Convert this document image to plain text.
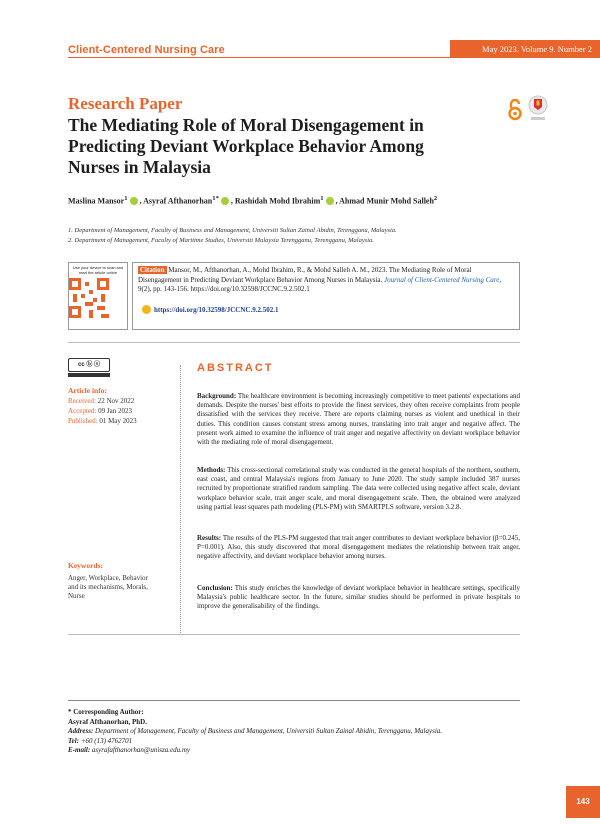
Client-Centered Nursing Care	May 2023. Volume 9. Number 2
Research Paper
The Mediating Role of Moral Disengagement in Predicting Deviant Workplace Behavior Among Nurses in Malaysia
Maslina Mansor$^1$ , Asyraf Afthanorhan$^{1*}$ , Rashidah Mohd Ibrahim$^1$ , Ahmad Munir Mohd Salleh$^2$
1. Department of Management, Faculty of Business and Management, Universiti Sultan Zainal Abidin, Terengganu, Malaysia.
2. Department of Management, Faculty of Maritime Studies, Universiti Malaysia Terengganu, Terengganu, Malaysia.
Use your device to scan and read the article online	Citation Mansor, M., Afthanorhan, A., Mohd Ibrahim, R., & Mohd Salleh A. M., 2023. The Mediating Role of Moral Disengagement in Predicting Deviant Workplace Behavior Among Nurses in Malaysia. Journal of Client-Centered Nursing Care, 9(2), pp. 143-156. https://doi.org/10.32598/JCCNC.9.2.502.1
https://doi.org/10.32598/JCCNC.9.2.502.1
cc ⓑ ⓢ
Article info:
Received: 22 Nov 2022
Accepted: 09 Jan 2023
Published: 01 May 2023
Keywords:
Anger, Workplace, Behavior and its mechanisms, Morals, Nurse
ABSTRACT
Background: The healthcare environment is becoming increasingly competitive to meet patients' expectations and demands. Despite the nurses' best efforts to provide the finest services, they often receive complaints from people dissatisfied with the services they receive. There are reports claiming nurses as violent and unethical in their duties. This condition causes constant stress among nurses, translating into trait anger and negative affect. The present work aimed to examine the influence of trait anger and negative affectivity on deviant workplace behavior with the mediating role of moral disengagement.
Methods: This cross-sectional correlational study was conducted in the general hospitals of the northern, southern, east coast, and central Malaysia's regions from January to June 2020. The study sample included 387 nurses recruited by proportionate stratified random sampling. The data were collected using negative affect scale, deviant workplace behavior scale, trait anger scale, and moral disengagement scale. Then, the obtained were analyzed using partial least squares path modeling (PLS-PM) with SMARTPLS software, version 3.2.8.
Results: The results of the PLS-PM suggested that trait anger contributes to deviant workplace behavior (β=0.245, P=0.001). Also, this study discovered that moral disengagement mediates the relationship between trait anger, negative affectivity, and deviant workplace behavior among nurses.
Conclusion: This study enriches the knowledge of deviant workplace behavior in healthcare settings, specifically Malaysia's public healthcare sector. In the future, similar studies should be performed in private hospitals to improve the generalisability of the findings.
* Corresponding Author:
Asyraf Afthanorhan, PhD.
Address: Department of Management, Faculty of Business and Management, Universiti Sultan Zainal Abidin, Terengganu, Malaysia.
Tel: +60 (13) 4762701
E-mail: asyrafafthanorhan@unisza.edu.my
143
